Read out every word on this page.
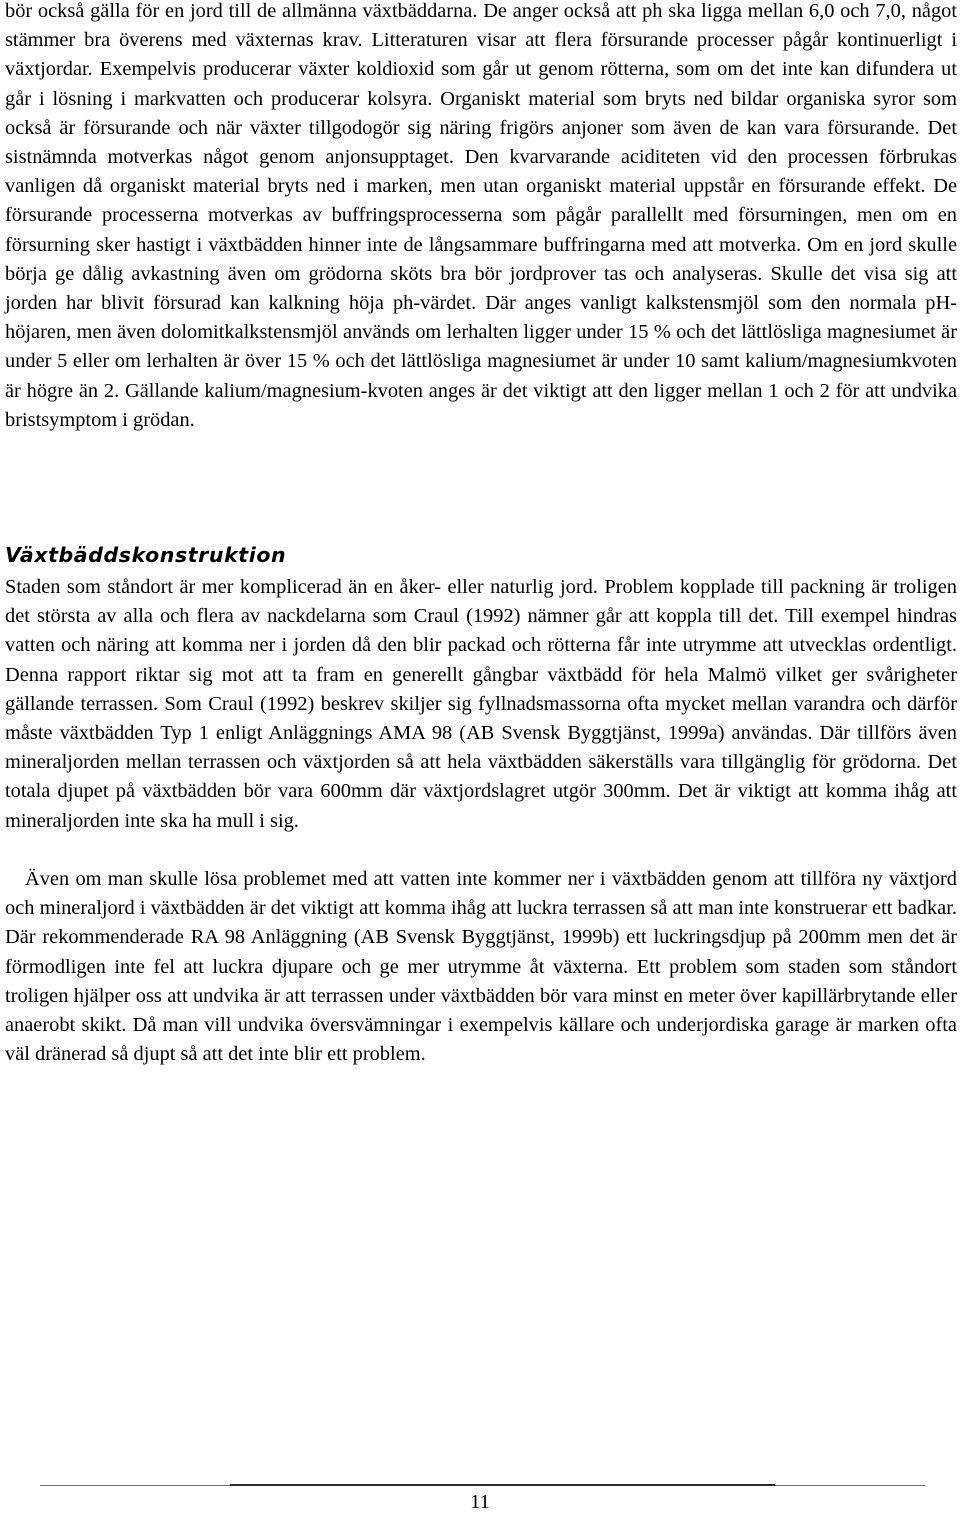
bör också gälla för en jord till de allmänna växtbäddarna. De anger också att ph ska ligga mellan 6,0 och 7,0, något stämmer bra överens med växternas krav. Litteraturen visar att flera försurande processer pågår kontinuerligt i växtjordar. Exempelvis producerar växter koldioxid som går ut genom rötterna, som om det inte kan difundera ut går i lösning i markvatten och producerar kolsyra. Organiskt material som bryts ned bildar organiska syror som också är försurande och när växter tillgodogör sig näring frigörs anjoner som även de kan vara försurande. Det sistnämnda motverkas något genom anjonsupptaget. Den kvarvarande aciditeten vid den processen förbrukas vanligen då organiskt material bryts ned i marken, men utan organiskt material uppstår en försurande effekt. De försurande processerna motverkas av buffringsprocesserna som pågår parallellt med försurningen, men om en försurning sker hastigt i växtbädden hinner inte de långsammare buffringarna med att motverka. Om en jord skulle börja ge dålig avkastning även om grödorna sköts bra bör jordprover tas och analyseras. Skulle det visa sig att jorden har blivit försurad kan kalkning höja ph-värdet. Där anges vanligt kalkstensmjöl som den normala pH-höjaren, men även dolomitkalkstensmjöl används om lerhalten ligger under 15 % och det lättlösliga magnesiumet är under 5 eller om lerhalten är över 15 % och det lättlösliga magnesiumet är under 10 samt kalium/magnesiumkvoten är högre än 2. Gällande kalium/magnesium-kvoten anges är det viktigt att den ligger mellan 1 och 2 för att undvika bristsymptom i grödan.

Växtbäddskonstruktion

Staden som ståndort är mer komplicerad än en åker- eller naturlig jord. Problem kopplade till packning är troligen det största av alla och flera av nackdelarna som Craul (1992) nämner går att koppla till det. Till exempel hindras vatten och näring att komma ner i jorden då den blir packad och rötterna får inte utrymme att utvecklas ordentligt. Denna rapport riktar sig mot att ta fram en generellt gångbar växtbädd för hela Malmö vilket ger svårigheter gällande terrassen. Som Craul (1992) beskrev skiljer sig fyllnadsmassorna ofta mycket mellan varandra och därför måste växtbädden Typ 1 enligt Anläggnings AMA 98 (AB Svensk Byggtjänst, 1999a) användas. Där tillförs även mineraljorden mellan terrassen och växtjorden så att hela växtbädden säkerställs vara tillgänglig för grödorna. Det totala djupet på växtbädden bör vara 600mm där växtjordslagret utgör 300mm. Det är viktigt att komma ihåg att mineraljorden inte ska ha mull i sig.

Även om man skulle lösa problemet med att vatten inte kommer ner i växtbädden genom att tillföra ny växtjord och mineraljord i växtbädden är det viktigt att komma ihåg att luckra terrassen så att man inte konstruerar ett badkar. Där rekommenderade RA 98 Anläggning (AB Svensk Byggtjänst, 1999b) ett luckringsdjup på 200mm men det är förmodligen inte fel att luckra djupare och ge mer utrymme åt växterna. Ett problem som staden som ståndort troligen hjälper oss att undvika är att terrassen under växtbädden bör vara minst en meter över kapillärbrytande eller anaerobt skikt. Då man vill undvika översvämningar i exempelvis källare och underjordiska garage är marken ofta väl dränerad så djupt så att det inte blir ett problem.

11
